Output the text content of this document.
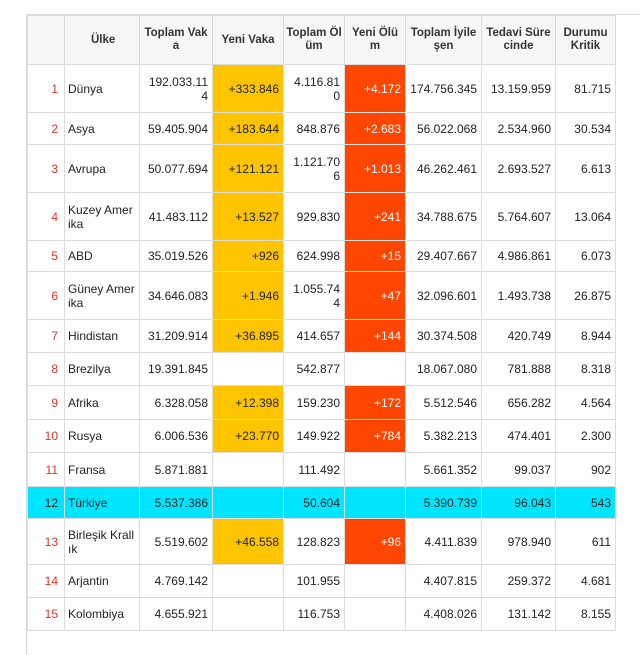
	Ülke	Toplam Vaka	Yeni Vaka	Toplam Ölüm	Yeni Ölüm	Toplam İyileşen	Tedavi Sürecinde	Durumu Kritik
1	Dünya	192.033.114	+333.846	4.116.810	+4.172	174.756.345	13.159.959	81.715
2	Asya	59.405.904	+183.644	848.876	+2.683	56.022.068	2.534.960	30.534
3	Avrupa	50.077.694	+121.121	1.121.706	+1.013	46.262.461	2.693.527	6.613
4	Kuzey Amerika	41.483.112	+13.527	929.830	+241	34.788.675	5.764.607	13.064
5	ABD	35.019.526	+926	624.998	+15	29.407.667	4.986.861	6.073
6	Güney Amerika	34.646.083	+1.946	1.055.744	+47	32.096.601	1.493.738	26.875
7	Hindistan	31.209.914	+36.895	414.657	+144	30.374.508	420.749	8.944
8	Brezilya	19.391.845		542.877		18.067.080	781.888	8.318
9	Afrika	6.328.058	+12.398	159.230	+172	5.512.546	656.282	4.564
10	Rusya	6.006.536	+23.770	149.922	+784	5.382.213	474.401	2.300
11	Fransa	5.871.881		111.492		5.661.352	99.037	902
12	Türkiye	5.537.386		50.604		5.390.739	96.043	543
13	Birleşik Krallık	5.519.602	+46.558	128.823	+96	4.411.839	978.940	611
14	Arjantin	4.769.142		101.955		4.407.815	259.372	4.681
15	Kolombiya	4.655.921		116.753		4.408.026	131.142	8.155
